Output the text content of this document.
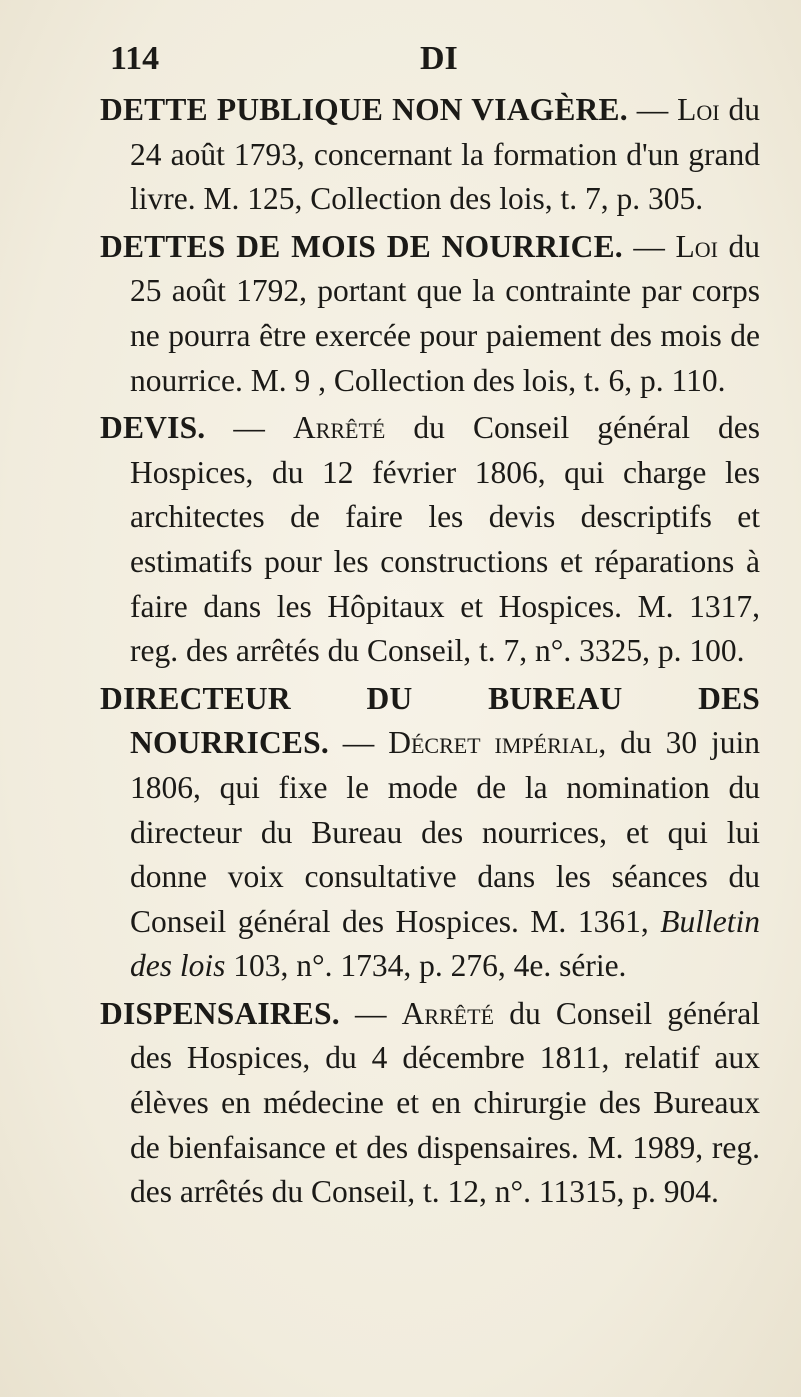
114	DI

DETTE PUBLIQUE NON VIAGÈRE. — Loi du 24 août 1793, concernant la formation d'un grand livre. M. 125, Collection des lois, t. 7, p. 305.

DETTES DE MOIS DE NOURRICE. — Loi du 25 août 1792, portant que la contrainte par corps ne pourra être exercée pour paiement des mois de nourrice. M. 9 , Collection des lois, t. 6, p. 110.

DEVIS. — Arrêté du Conseil général des Hospices, du 12 février 1806, qui charge les architectes de faire les devis descriptifs et estimatifs pour les constructions et réparations à faire dans les Hôpitaux et Hospices. M. 1317, reg. des arrêtés du Conseil, t. 7, n°. 3325, p. 100.

DIRECTEUR DU BUREAU DES NOURRICES. — Décret impérial, du 30 juin 1806, qui fixe le mode de la nomination du directeur du Bureau des nourrices, et qui lui donne voix consultative dans les séances du Conseil général des Hospices. M. 1361, Bulletin des lois 103, n°. 1734, p. 276, 4e. série.

DISPENSAIRES. — Arrêté du Conseil général des Hospices, du 4 décembre 1811, relatif aux élèves en médecine et en chirurgie des Bureaux de bienfaisance et des dispensaires. M. 1989, reg. des arrêtés du Conseil, t. 12, n°. 11315, p. 904.
